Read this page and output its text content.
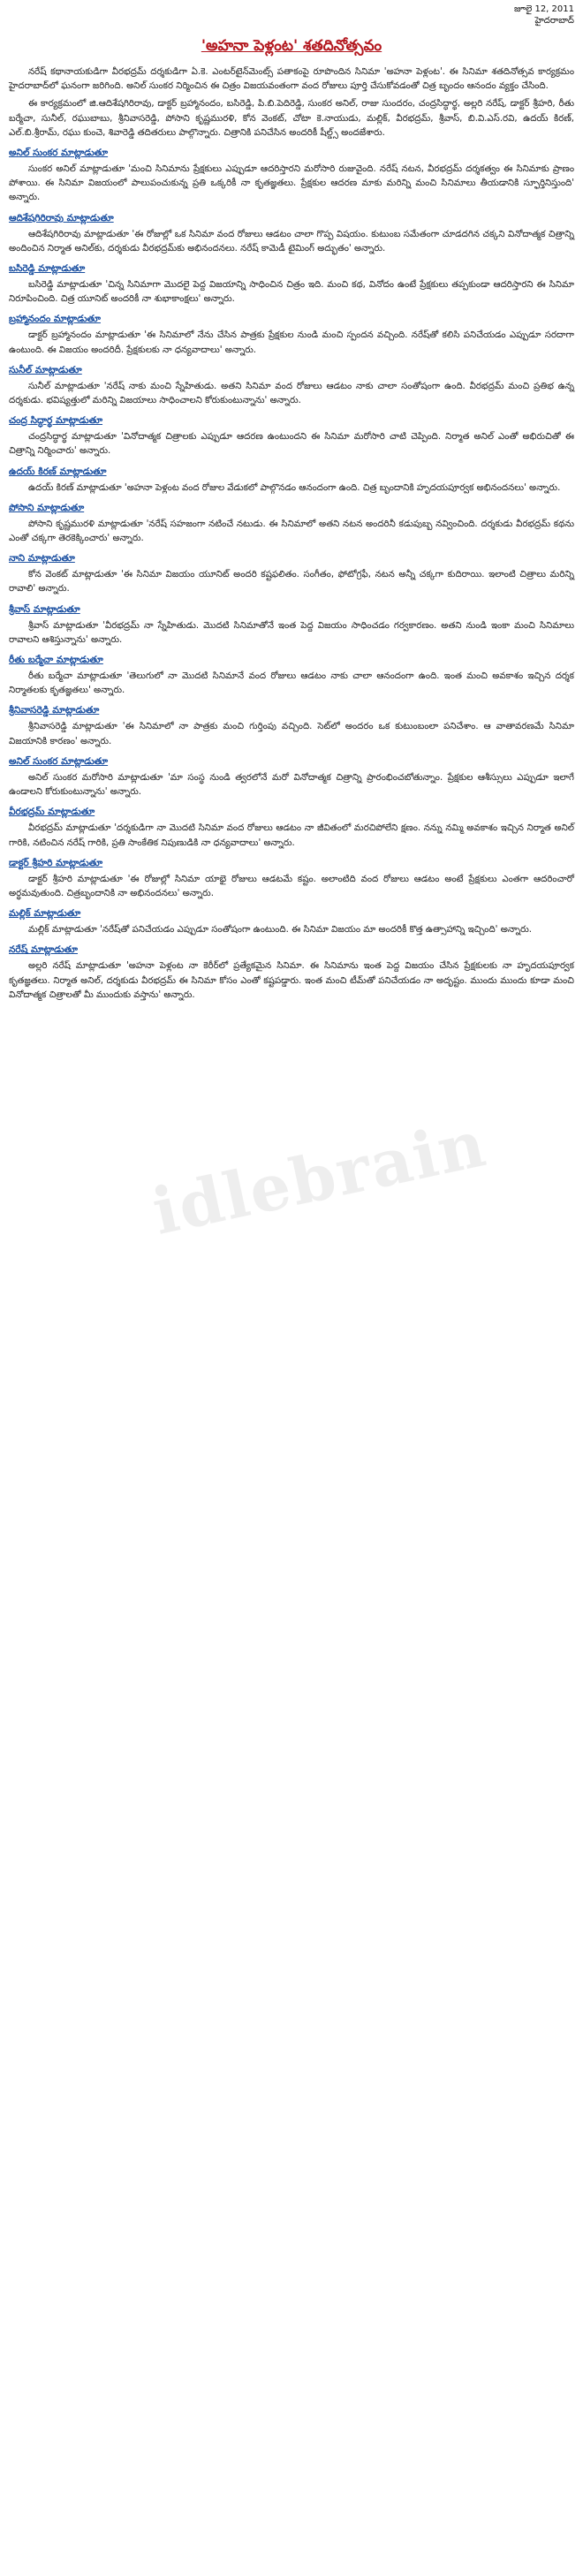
జూలై 12, 2011
హైదరాబాద్
'అహనా పెళ్లంట' శతదినోత్సవం

నరేష్ కథానాయకుడిగా వీరభద్రమ్ దర్శకుడిగా ఏ.కె. ఎంటర్‌టైన్‌మెంట్స్ పతాకంపై రూపొందిన సినిమా 'అహనా పెళ్లంట'. ఈ సినిమా శతదినోత్సవ కార్యక్రమం హైదరాబాద్‌లో ఘనంగా జరిగింది. అనిల్ సుంకర నిర్మించిన ఈ చిత్రం విజయవంతంగా వంద రోజులు పూర్తి చేసుకోవడంతో చిత్ర బృందం ఆనందం వ్యక్తం చేసింది.

ఈ కార్యక్రమంలో జి.ఆదిశేషగిరిరావు, డాక్టర్ బ్రహ్మానందం, బసిరెడ్డి, పి.బి.పెదిరెడ్డి, సుంకర అనిల్, రాజు సుందరం, చంద్రసిద్ధార్థ, అల్లరి నరేష్, డాక్టర్ శ్రీహరి, రీతు బర్మేచా, సునీల్, రఘుబాబు, శ్రీనివాసరెడ్డి, పోసాని కృష్ణమురళి, కోన వెంకట్, చోటా కె.నాయుడు, మల్లిక్, వీరభద్రమ్, శ్రీవాస్, బి.వి.ఎస్.రవి, ఉదయ్ కిరణ్, ఎల్.బి.శ్రీరామ్, రఘు కుంచె, శివారెడ్డి తదితరులు పాల్గొన్నారు. చిత్రానికి పనిచేసిన అందరికీ షీల్డ్స్ అందజేశారు.

అనిల్ సుంకర మాట్లాడుతూ

సుంకర అనిల్ మాట్లాడుతూ 'మంచి సినిమాను ప్రేక్షకులు ఎప్పుడూ ఆదరిస్తారని మరోసారి రుజువైంది. నరేష్ నటన, వీరభద్రమ్ దర్శకత్వం ఈ సినిమాకు ప్రాణం పోశాయి. ఈ సినిమా విజయంలో పాలుపంచుకున్న ప్రతి ఒక్కరికీ నా కృతజ్ఞతలు. ప్రేక్షకుల ఆదరణ మాకు మరిన్ని మంచి సినిమాలు తీయడానికి స్ఫూర్తినిస్తుంది' అన్నారు.

ఆదిశేషగిరిరావు మాట్లాడుతూ

ఆదిశేషగిరిరావు మాట్లాడుతూ 'ఈ రోజుల్లో ఒక సినిమా వంద రోజులు ఆడటం చాలా గొప్ప విషయం. కుటుంబ సమేతంగా చూడదగిన చక్కని వినోదాత్మక చిత్రాన్ని అందించిన నిర్మాత అనిల్‌కు, దర్శకుడు వీరభద్రమ్‌కు అభినందనలు. నరేష్ కామెడీ టైమింగ్ అద్భుతం' అన్నారు.

బసిరెడ్డి మాట్లాడుతూ

బసిరెడ్డి మాట్లాడుతూ 'చిన్న సినిమాగా మొదలై పెద్ద విజయాన్ని సాధించిన చిత్రం ఇది. మంచి కథ, వినోదం ఉంటే ప్రేక్షకులు తప్పకుండా ఆదరిస్తారని ఈ సినిమా నిరూపించింది. చిత్ర యూనిట్ అందరికీ నా శుభాకాంక్షలు' అన్నారు.

బ్రహ్మానందం మాట్లాడుతూ

డాక్టర్ బ్రహ్మానందం మాట్లాడుతూ 'ఈ సినిమాలో నేను చేసిన పాత్రకు ప్రేక్షకుల నుండి మంచి స్పందన వచ్చింది. నరేష్‌తో కలిసి పనిచేయడం ఎప్పుడూ సరదాగా ఉంటుంది. ఈ విజయం అందరిదీ. ప్రేక్షకులకు నా ధన్యవాదాలు' అన్నారు.

సునీల్ మాట్లాడుతూ

సునీల్ మాట్లాడుతూ 'నరేష్ నాకు మంచి స్నేహితుడు. అతని సినిమా వంద రోజులు ఆడటం నాకు చాలా సంతోషంగా ఉంది. వీరభద్రమ్ మంచి ప్రతిభ ఉన్న దర్శకుడు. భవిష్యత్తులో మరిన్ని విజయాలు సాధించాలని కోరుకుంటున్నాను' అన్నారు.

చంద్ర సిద్ధార్థ మాట్లాడుతూ

చంద్రసిద్ధార్థ మాట్లాడుతూ 'వినోదాత్మక చిత్రాలకు ఎప్పుడూ ఆదరణ ఉంటుందని ఈ సినిమా మరోసారి చాటి చెప్పింది. నిర్మాత అనిల్ ఎంతో అభిరుచితో ఈ చిత్రాన్ని నిర్మించారు' అన్నారు.

ఉదయ్ కిరణ్ మాట్లాడుతూ

ఉదయ్ కిరణ్ మాట్లాడుతూ 'అహనా పెళ్లంట వంద రోజుల వేడుకలో పాల్గొనడం ఆనందంగా ఉంది. చిత్ర బృందానికి హృదయపూర్వక అభినందనలు' అన్నారు.

పోసాని మాట్లాడుతూ

పోసాని కృష్ణమురళి మాట్లాడుతూ 'నరేష్ సహజంగా నటించే నటుడు. ఈ సినిమాలో అతని నటన అందరినీ కడుపుబ్బ నవ్వించింది. దర్శకుడు వీరభద్రమ్ కథను ఎంతో చక్కగా తెరకెక్కించారు' అన్నారు.

నాని మాట్లాడుతూ

కోన వెంకట్ మాట్లాడుతూ 'ఈ సినిమా విజయం యూనిట్ అందరి కష్టఫలితం. సంగీతం, ఫోటోగ్రఫీ, నటన అన్నీ చక్కగా కుదిరాయి. ఇలాంటి చిత్రాలు మరిన్ని రావాలి' అన్నారు.

శ్రీవాస్ మాట్లాడుతూ

శ్రీవాస్ మాట్లాడుతూ 'వీరభద్రమ్ నా స్నేహితుడు. మొదటి సినిమాతోనే ఇంత పెద్ద విజయం సాధించడం గర్వకారణం. అతని నుండి ఇంకా మంచి సినిమాలు రావాలని ఆశిస్తున్నాను' అన్నారు.

రీతు బర్మేచా మాట్లాడుతూ

రీతు బర్మేచా మాట్లాడుతూ 'తెలుగులో నా మొదటి సినిమానే వంద రోజులు ఆడటం నాకు చాలా ఆనందంగా ఉంది. ఇంత మంచి అవకాశం ఇచ్చిన దర్శక నిర్మాతలకు కృతజ్ఞతలు' అన్నారు.

శ్రీనివాసరెడ్డి మాట్లాడుతూ

శ్రీనివాసరెడ్డి మాట్లాడుతూ 'ఈ సినిమాలో నా పాత్రకు మంచి గుర్తింపు వచ్చింది. సెట్‌లో అందరం ఒక కుటుంబంలా పనిచేశాం. ఆ వాతావరణమే సినిమా విజయానికి కారణం' అన్నారు.

అనిల్ సుంకర మాట్లాడుతూ

అనిల్ సుంకర మరోసారి మాట్లాడుతూ 'మా సంస్థ నుండి త్వరలోనే మరో వినోదాత్మక చిత్రాన్ని ప్రారంభించబోతున్నాం. ప్రేక్షకుల ఆశీస్సులు ఎప్పుడూ ఇలాగే ఉండాలని కోరుకుంటున్నాను' అన్నారు.

వీరభద్రమ్ మాట్లాడుతూ

వీరభద్రమ్ మాట్లాడుతూ 'దర్శకుడిగా నా మొదటి సినిమా వంద రోజులు ఆడటం నా జీవితంలో మరచిపోలేని క్షణం. నన్ను నమ్మి అవకాశం ఇచ్చిన నిర్మాత అనిల్ గారికి, నటించిన నరేష్ గారికి, ప్రతి సాంకేతిక నిపుణుడికి నా ధన్యవాదాలు' అన్నారు.

డాక్టర్ శ్రీహరి మాట్లాడుతూ

డాక్టర్ శ్రీహరి మాట్లాడుతూ 'ఈ రోజుల్లో సినిమా యాభై రోజులు ఆడటమే కష్టం. అలాంటిది వంద రోజులు ఆడటం అంటే ప్రేక్షకులు ఎంతగా ఆదరించారో అర్థమవుతుంది. చిత్రబృందానికి నా అభినందనలు' అన్నారు.

మల్లిక్ మాట్లాడుతూ

మల్లిక్ మాట్లాడుతూ 'నరేష్‌తో పనిచేయడం ఎప్పుడూ సంతోషంగా ఉంటుంది. ఈ సినిమా విజయం మా అందరికీ కొత్త ఉత్సాహాన్ని ఇచ్చింది' అన్నారు.

నరేష్ మాట్లాడుతూ

అల్లరి నరేష్ మాట్లాడుతూ 'అహనా పెళ్లంట నా కెరీర్‌లో ప్రత్యేకమైన సినిమా. ఈ సినిమాను ఇంత పెద్ద విజయం చేసిన ప్రేక్షకులకు నా హృదయపూర్వక కృతజ్ఞతలు. నిర్మాత అనిల్, దర్శకుడు వీరభద్రమ్ ఈ సినిమా కోసం ఎంతో కష్టపడ్డారు. ఇంత మంచి టీమ్‌తో పనిచేయడం నా అదృష్టం. ముందు ముందు కూడా మంచి వినోదాత్మక చిత్రాలతో మీ ముందుకు వస్తాను' అన్నారు.

idlebrain
